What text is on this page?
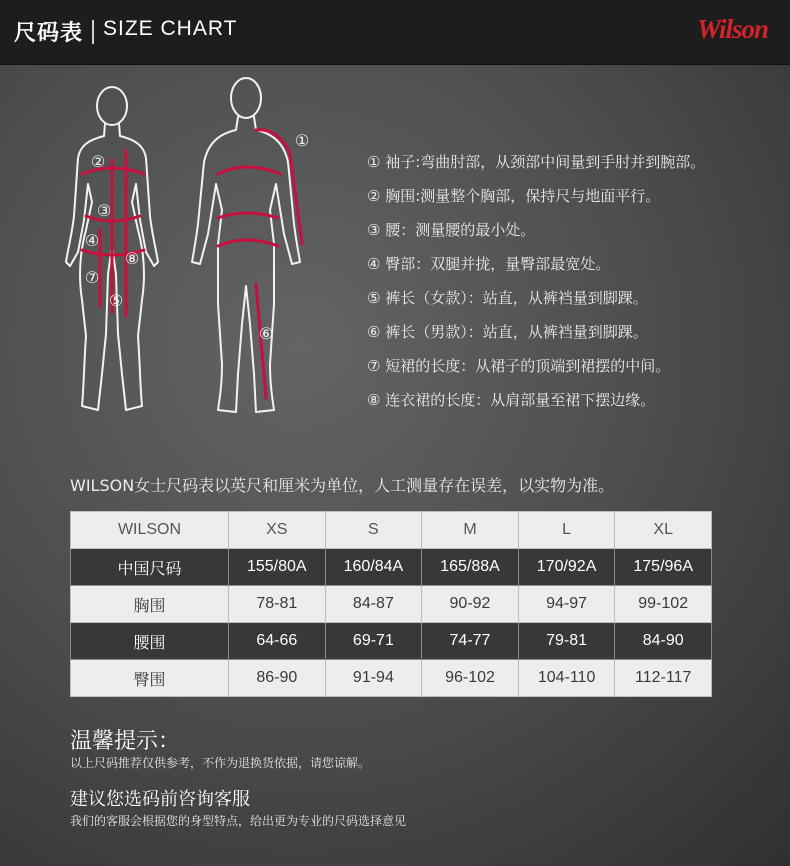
尺码表 SIZE CHART	Wilson
②
③
④
⑦
⑧
⑤
①
⑥
① 袖子:弯曲肘部，从颈部中间量到手肘并到腕部。
② 胸围:测量整个胸部，保持尺与地面平行。
③ 腰：测量腰的最小处。
④ 臀部：双腿并拢，量臀部最宽处。
⑤ 裤长（女款）：站直，从裤裆量到脚踝。
⑥ 裤长（男款）：站直，从裤裆量到脚踝。
⑦ 短裙的长度：从裙子的顶端到裙摆的中间。
⑧ 连衣裙的长度：从肩部量至裙下摆边缘。
WILSON女士尺码表以英尺和厘米为单位，人工测量存在误差，以实物为准。
WILSON	XS	S	M	L	XL
中国尺码	155/80A	160/84A	165/88A	170/92A	175/96A
胸围	78-81	84-87	90-92	94-97	99-102
腰围	64-66	69-71	74-77	79-81	84-90
臀围	86-90	91-94	96-102	104-110	112-117
温馨提示：
以上尺码推荐仅供参考，不作为退换货依据，请您谅解。
建议您选码前咨询客服
我们的客服会根据您的身型特点，给出更为专业的尺码选择意见
